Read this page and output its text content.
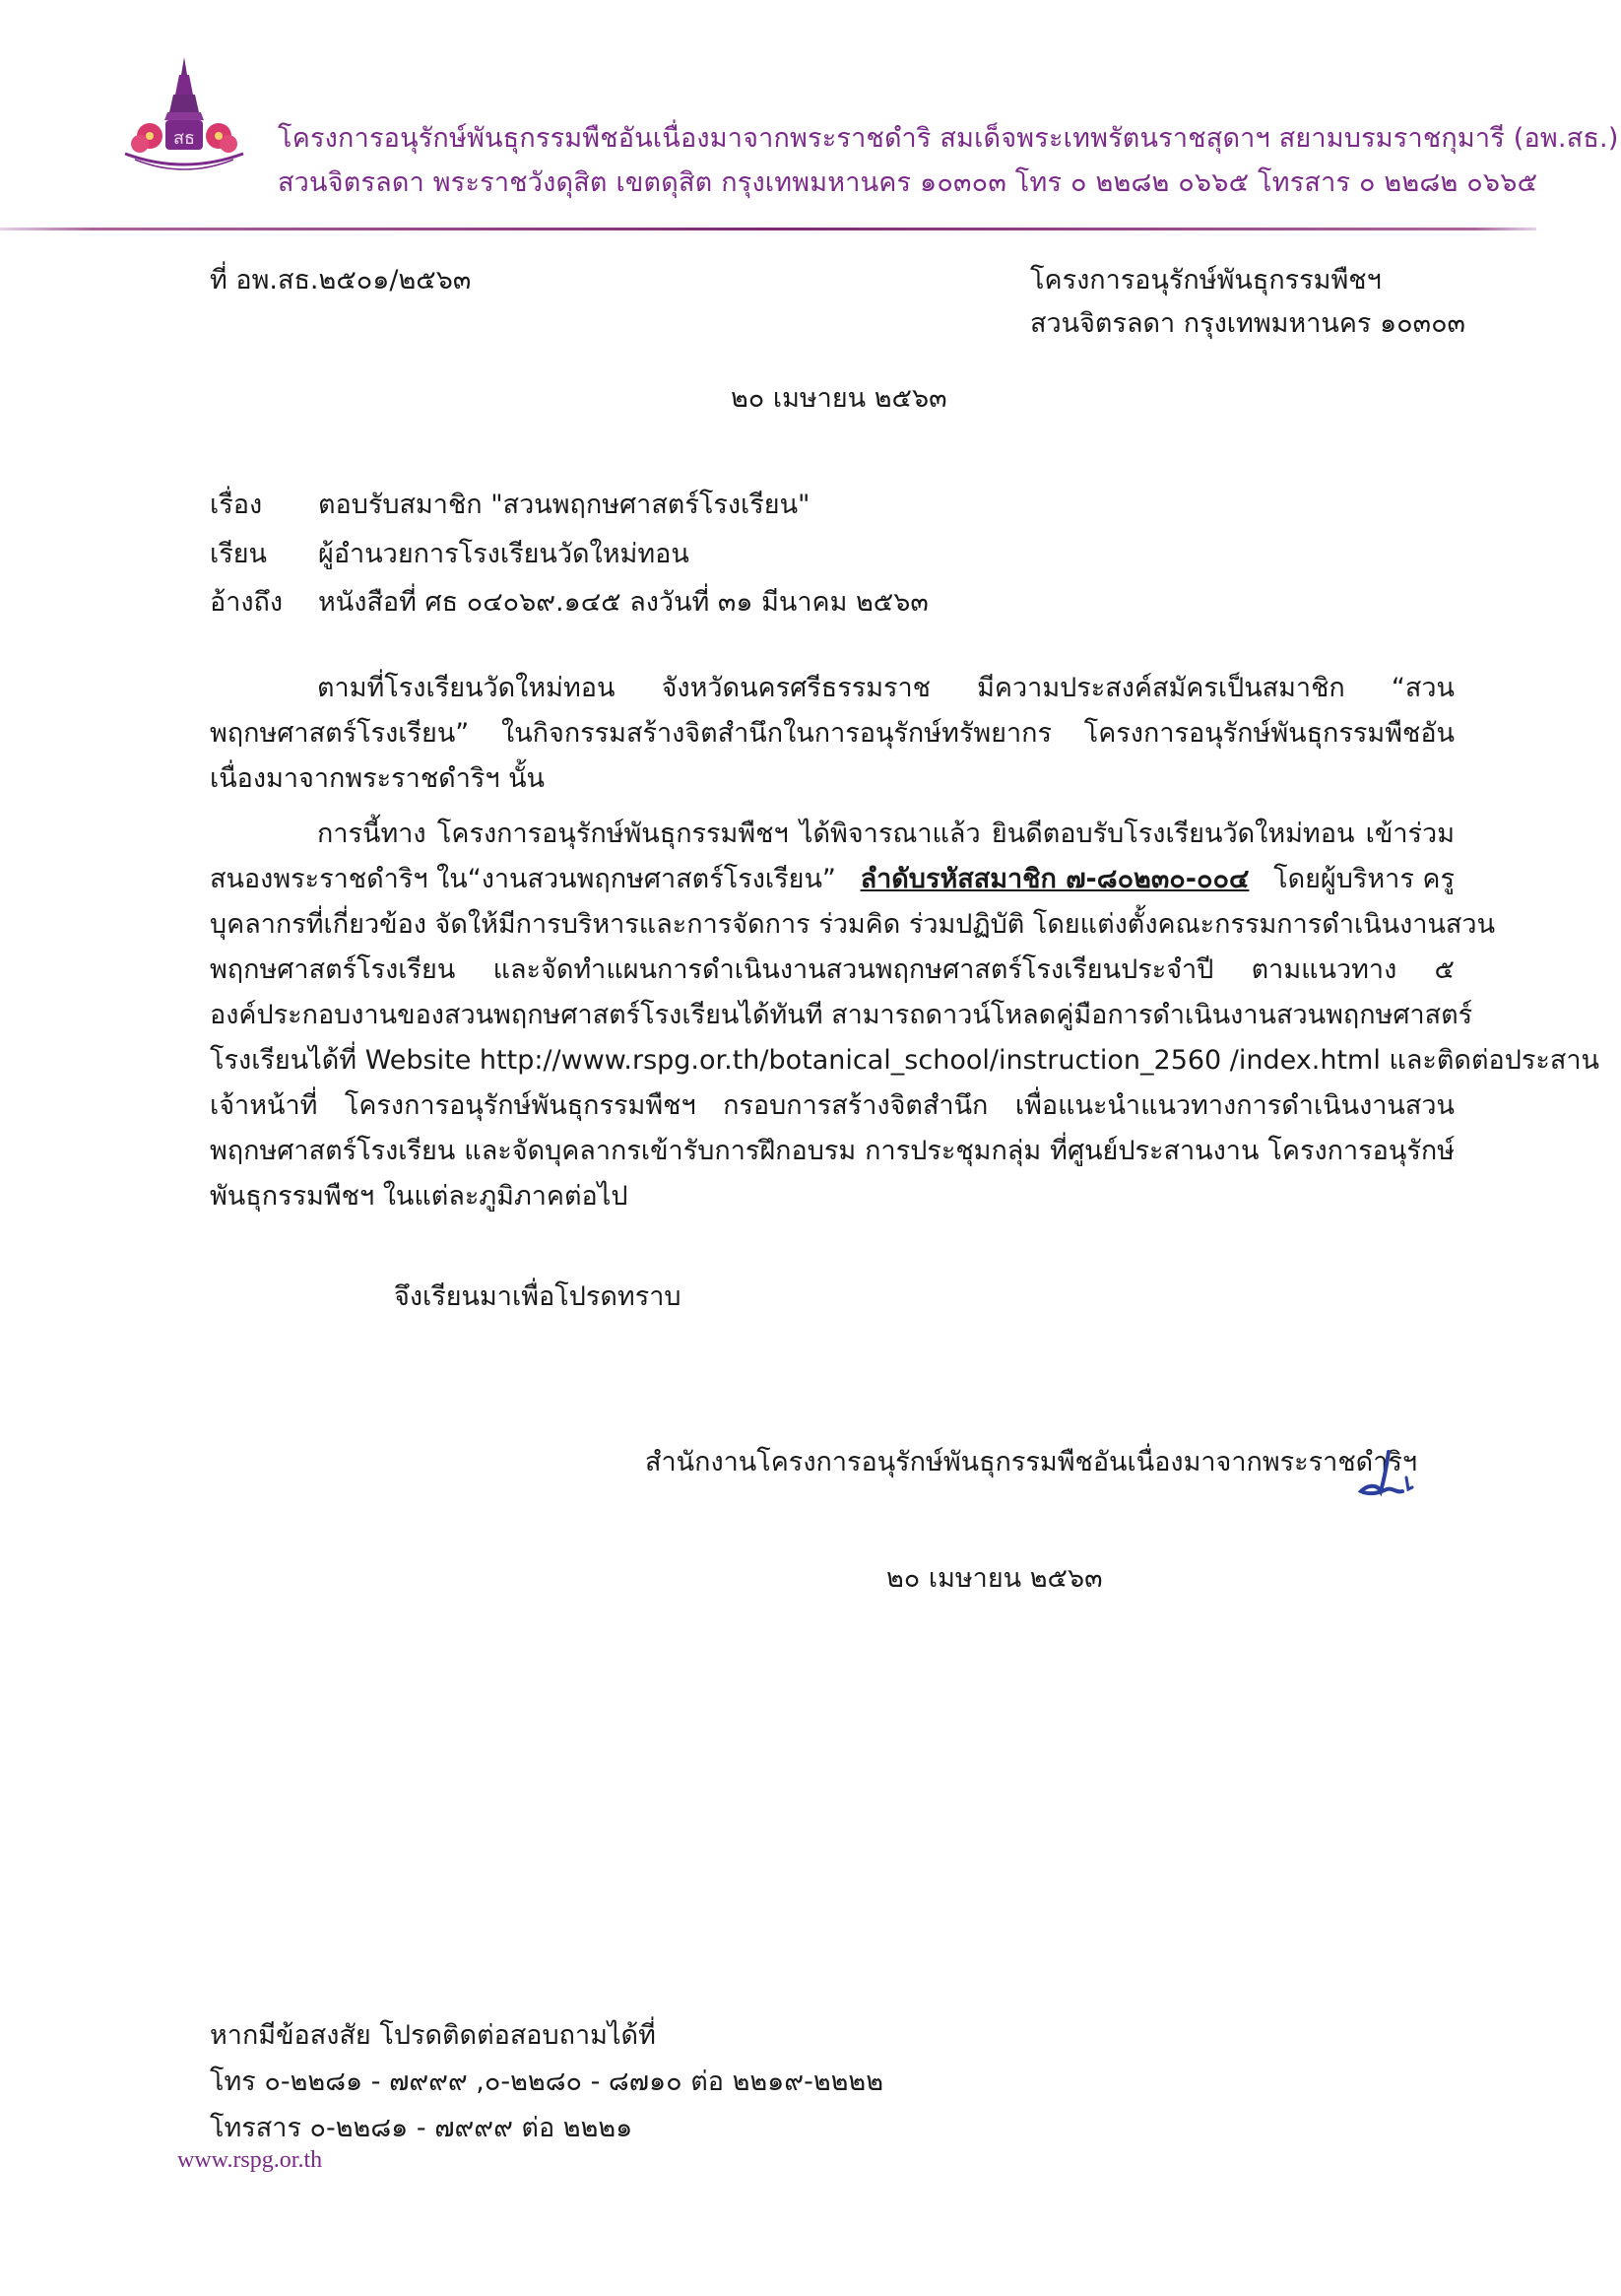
สธ	โครงการอนุรักษ์พันธุกรรมพืชอันเนื่องมาจากพระราชดำริ สมเด็จพระเทพรัตนราชสุดาฯ สยามบรมราชกุมารี (อพ.สธ.)
สวนจิตรลดา พระราชวังดุสิต เขตดุสิต กรุงเทพมหานคร ๑๐๓๐๓ โทร ๐ ๒๒๘๒ ๐๖๖๕ โทรสาร ๐ ๒๒๘๒ ๐๖๖๕
ที่ อพ.สธ.๒๕๐๑/๒๕๖๓	โครงการอนุรักษ์พันธุกรรมพืชฯ
สวนจิตรลดา กรุงเทพมหานคร ๑๐๓๐๓
๒๐ เมษายน ๒๕๖๓
เรื่อง ตอบรับสมาชิก "สวนพฤกษศาสตร์โรงเรียน"
เรียน ผู้อำนวยการโรงเรียนวัดใหม่ทอน
อ้างถึง หนังสือที่ ศธ ๐๔๐๖๙.๑๔๕ ลงวันที่ ๓๑ มีนาคม ๒๕๖๓
ตามที่โรงเรียนวัดใหม่ทอน จังหวัดนครศรีธรรมราช มีความประสงค์สมัครเป็นสมาชิก “สวน
พฤกษศาสตร์โรงเรียน” ในกิจกรรมสร้างจิตสำนึกในการอนุรักษ์ทรัพยากร โครงการอนุรักษ์พันธุกรรมพืชอัน
เนื่องมาจากพระราชดำริฯ นั้น
การนี้ทาง โครงการอนุรักษ์พันธุกรรมพืชฯ ได้พิจารณาแล้ว ยินดีตอบรับโรงเรียนวัดใหม่ทอน เข้าร่วม
สนองพระราชดำริฯ ใน“งานสวนพฤกษศาสตร์โรงเรียน” ลำดับรหัสสมาชิก ๗-๘๐๒๓๐-๐๐๔ โดยผู้บริหาร ครู
บุคลากรที่เกี่ยวข้อง จัดให้มีการบริหารและการจัดการ ร่วมคิด ร่วมปฏิบัติ โดยแต่งตั้งคณะกรรมการดำเนินงานสวน
พฤกษศาสตร์โรงเรียน และจัดทำแผนการดำเนินงานสวนพฤกษศาสตร์โรงเรียนประจำปี ตามแนวทาง ๕
องค์ประกอบงานของสวนพฤกษศาสตร์โรงเรียนได้ทันที สามารถดาวน์โหลดคู่มือการดำเนินงานสวนพฤกษศาสตร์
โรงเรียนได้ที่ Website http://www.rspg.or.th/botanical_school/instruction_2560 /index.html และติดต่อประสาน
เจ้าหน้าที่ โครงการอนุรักษ์พันธุกรรมพืชฯ กรอบการสร้างจิตสำนึก เพื่อแนะนำแนวทางการดำเนินงานสวน
พฤกษศาสตร์โรงเรียน และจัดบุคลากรเข้ารับการฝึกอบรม การประชุมกลุ่ม ที่ศูนย์ประสานงาน โครงการอนุรักษ์
พันธุกรรมพืชฯ ในแต่ละภูมิภาคต่อไป
จึงเรียนมาเพื่อโปรดทราบ
สำนักงานโครงการอนุรักษ์พันธุกรรมพืชอันเนื่องมาจากพระราชดำริฯ
๒๐ เมษายน ๒๕๖๓
หากมีข้อสงสัย โปรดติดต่อสอบถามได้ที่
โทร ๐-๒๒๘๑ - ๗๙๙๙ ,๐-๒๒๘๐ - ๘๗๑๐ ต่อ ๒๒๑๙-๒๒๒๒
โทรสาร ๐-๒๒๘๑ - ๗๙๙๙ ต่อ ๒๒๒๑
www.rspg.or.th
